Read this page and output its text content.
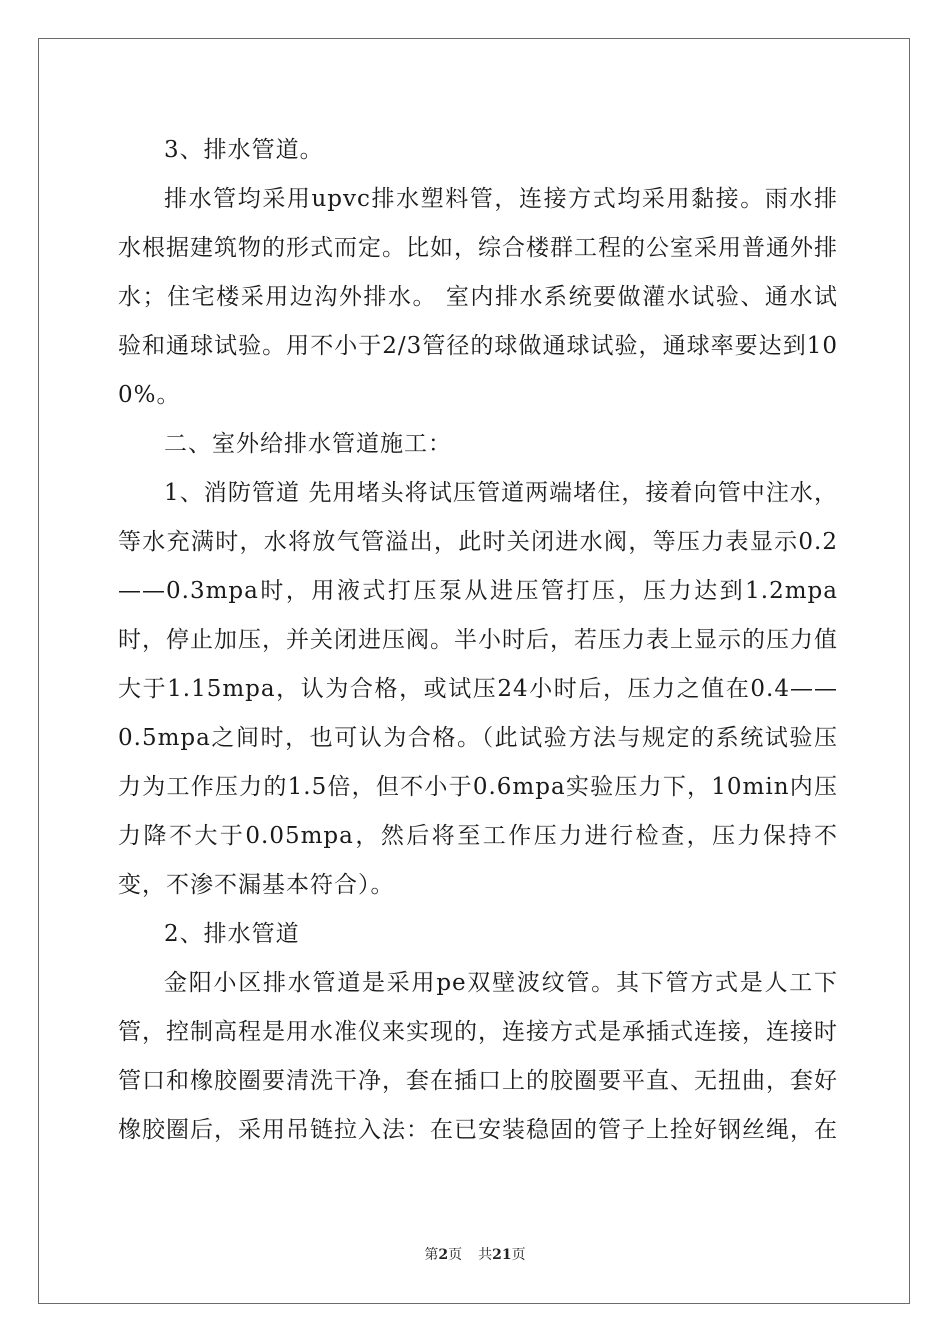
3、排水管道。

排水管均采用upvc排水塑料管，连接方式均采用黏接。雨水排水根据建筑物的形式而定。比如，综合楼群工程的公室采用普通外排水；住宅楼采用边沟外排水。 室内排水系统要做灌水试验、通水试验和通球试验。用不小于2/3管径的球做通球试验，通球率要达到100%。

二、室外给排水管道施工：

1、消防管道 先用堵头将试压管道两端堵住，接着向管中注水，等水充满时，水将放气管溢出，此时关闭进水阀，等压力表显示0.2——0.3mpa时，用液式打压泵从进压管打压，压力达到1.2mpa时，停止加压，并关闭进压阀。半小时后，若压力表上显示的压力值大于1.15mpa，认为合格，或试压24小时后，压力之值在0.4——0.5mpa之间时，也可认为合格。（此试验方法与规定的系统试验压力为工作压力的1.5倍，但不小于0.6mpa实验压力下，10min内压力降不大于0.05mpa，然后将至工作压力进行检查，压力保持不变，不渗不漏基本符合）。

2、排水管道

金阳小区排水管道是采用pe双壁波纹管。其下管方式是人工下管，控制高程是用水准仪来实现的，连接方式是承插式连接，连接时管口和橡胶圈要清洗干净，套在插口上的胶圈要平直、无扭曲，套好橡胶圈后，采用吊链拉入法：在已安装稳固的管子上拴好钢丝绳，在

第2页 共21页
